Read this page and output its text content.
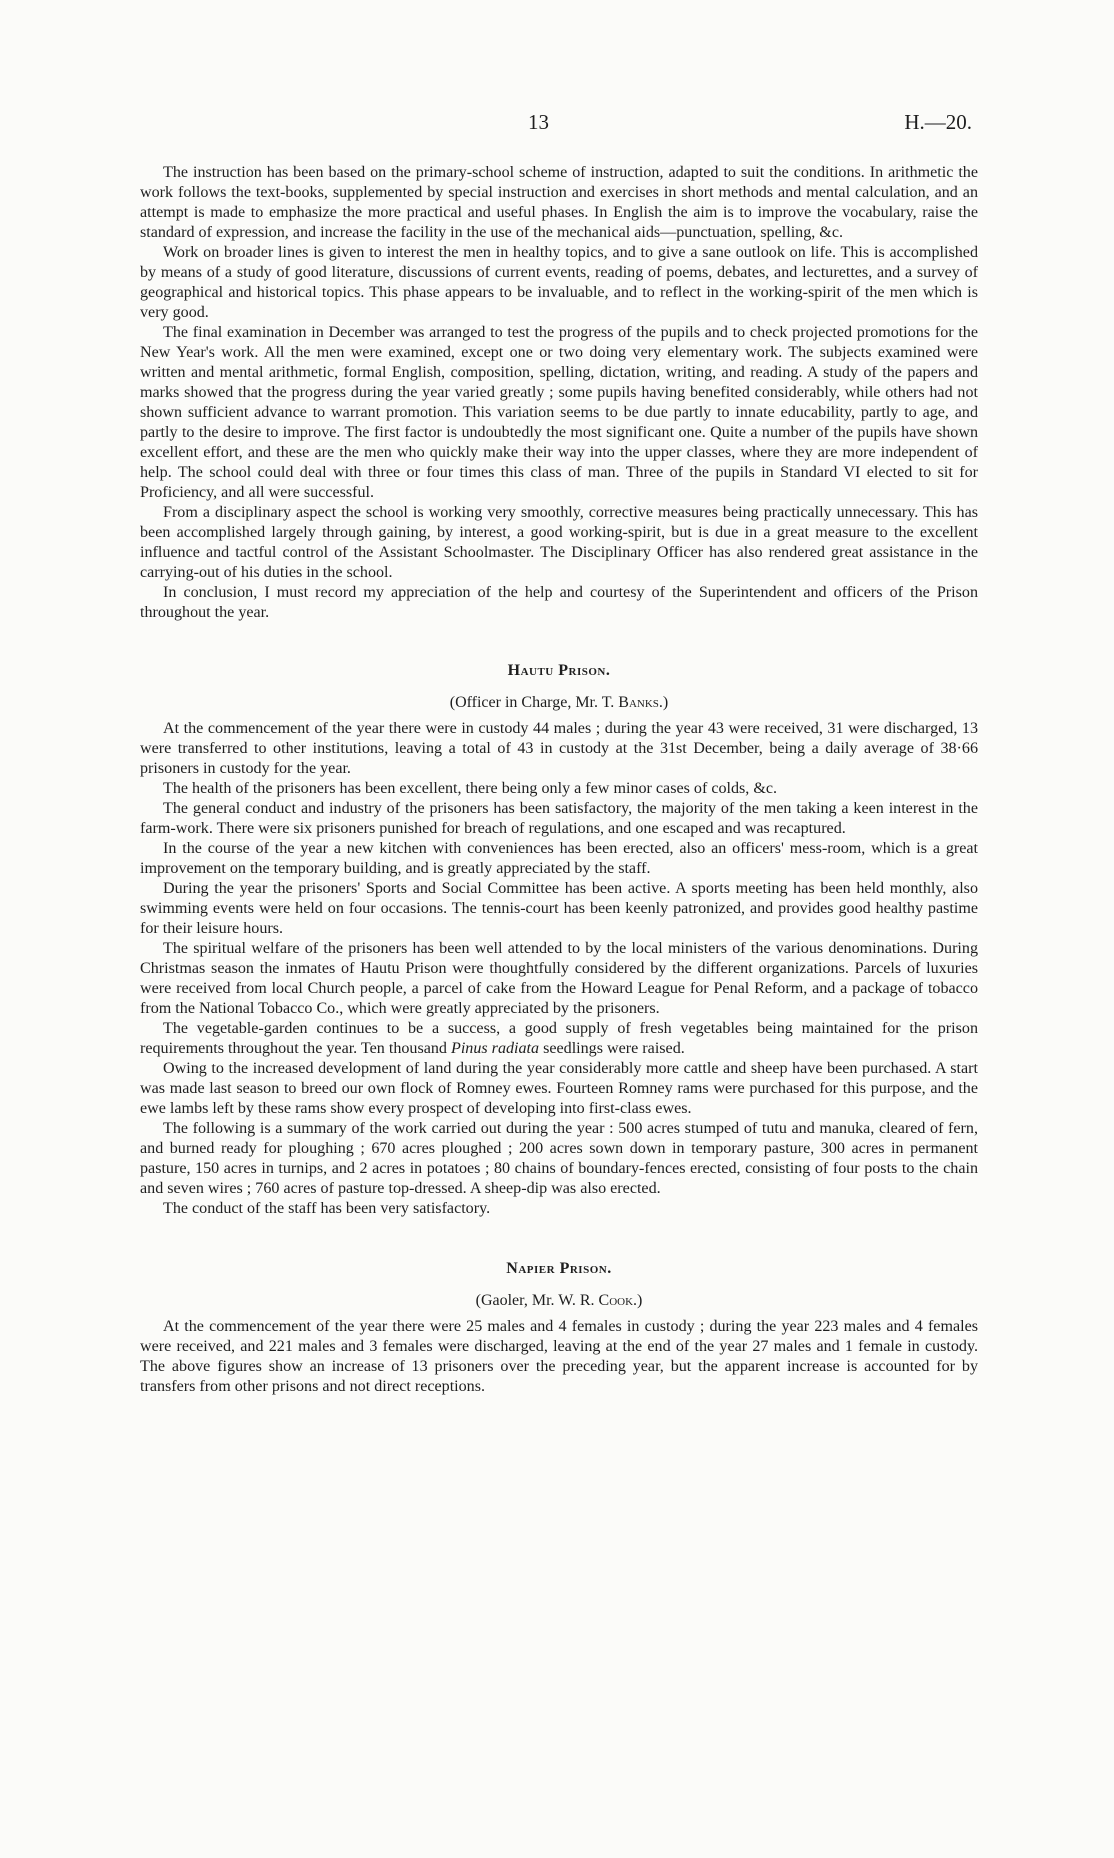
13	H.—20.

The instruction has been based on the primary-school scheme of instruction, adapted to suit the conditions. In arithmetic the work follows the text-books, supplemented by special instruction and exercises in short methods and mental calculation, and an attempt is made to emphasize the more practical and useful phases. In English the aim is to improve the vocabulary, raise the standard of expression, and increase the facility in the use of the mechanical aids—punctuation, spelling, &c.

Work on broader lines is given to interest the men in healthy topics, and to give a sane outlook on life. This is accomplished by means of a study of good literature, discussions of current events, reading of poems, debates, and lecturettes, and a survey of geographical and historical topics. This phase appears to be invaluable, and to reflect in the working-spirit of the men which is very good.

The final examination in December was arranged to test the progress of the pupils and to check projected promotions for the New Year's work. All the men were examined, except one or two doing very elementary work. The subjects examined were written and mental arithmetic, formal English, composition, spelling, dictation, writing, and reading. A study of the papers and marks showed that the progress during the year varied greatly ; some pupils having benefited considerably, while others had not shown sufficient advance to warrant promotion. This variation seems to be due partly to innate educability, partly to age, and partly to the desire to improve. The first factor is undoubtedly the most significant one. Quite a number of the pupils have shown excellent effort, and these are the men who quickly make their way into the upper classes, where they are more independent of help. The school could deal with three or four times this class of man. Three of the pupils in Standard VI elected to sit for Proficiency, and all were successful.

From a disciplinary aspect the school is working very smoothly, corrective measures being practically unnecessary. This has been accomplished largely through gaining, by interest, a good working-spirit, but is due in a great measure to the excellent influence and tactful control of the Assistant Schoolmaster. The Disciplinary Officer has also rendered great assistance in the carrying-out of his duties in the school.

In conclusion, I must record my appreciation of the help and courtesy of the Superintendent and officers of the Prison throughout the year.

Hautu Prison.
(Officer in Charge, Mr. T. Banks.)

At the commencement of the year there were in custody 44 males ; during the year 43 were received, 31 were discharged, 13 were transferred to other institutions, leaving a total of 43 in custody at the 31st December, being a daily average of 38·66 prisoners in custody for the year.

The health of the prisoners has been excellent, there being only a few minor cases of colds, &c.

The general conduct and industry of the prisoners has been satisfactory, the majority of the men taking a keen interest in the farm-work. There were six prisoners punished for breach of regulations, and one escaped and was recaptured.

In the course of the year a new kitchen with conveniences has been erected, also an officers' mess-room, which is a great improvement on the temporary building, and is greatly appreciated by the staff.

During the year the prisoners' Sports and Social Committee has been active. A sports meeting has been held monthly, also swimming events were held on four occasions. The tennis-court has been keenly patronized, and provides good healthy pastime for their leisure hours.

The spiritual welfare of the prisoners has been well attended to by the local ministers of the various denominations. During Christmas season the inmates of Hautu Prison were thoughtfully considered by the different organizations. Parcels of luxuries were received from local Church people, a parcel of cake from the Howard League for Penal Reform, and a package of tobacco from the National Tobacco Co., which were greatly appreciated by the prisoners.

The vegetable-garden continues to be a success, a good supply of fresh vegetables being maintained for the prison requirements throughout the year. Ten thousand Pinus radiata seedlings were raised.

Owing to the increased development of land during the year considerably more cattle and sheep have been purchased. A start was made last season to breed our own flock of Romney ewes. Fourteen Romney rams were purchased for this purpose, and the ewe lambs left by these rams show every prospect of developing into first-class ewes.

The following is a summary of the work carried out during the year : 500 acres stumped of tutu and manuka, cleared of fern, and burned ready for ploughing ; 670 acres ploughed ; 200 acres sown down in temporary pasture, 300 acres in permanent pasture, 150 acres in turnips, and 2 acres in potatoes ; 80 chains of boundary-fences erected, consisting of four posts to the chain and seven wires ; 760 acres of pasture top-dressed. A sheep-dip was also erected.

The conduct of the staff has been very satisfactory.

Napier Prison.
(Gaoler, Mr. W. R. Cook.)

At the commencement of the year there were 25 males and 4 females in custody ; during the year 223 males and 4 females were received, and 221 males and 3 females were discharged, leaving at the end of the year 27 males and 1 female in custody. The above figures show an increase of 13 prisoners over the preceding year, but the apparent increase is accounted for by transfers from other prisons and not direct receptions.
